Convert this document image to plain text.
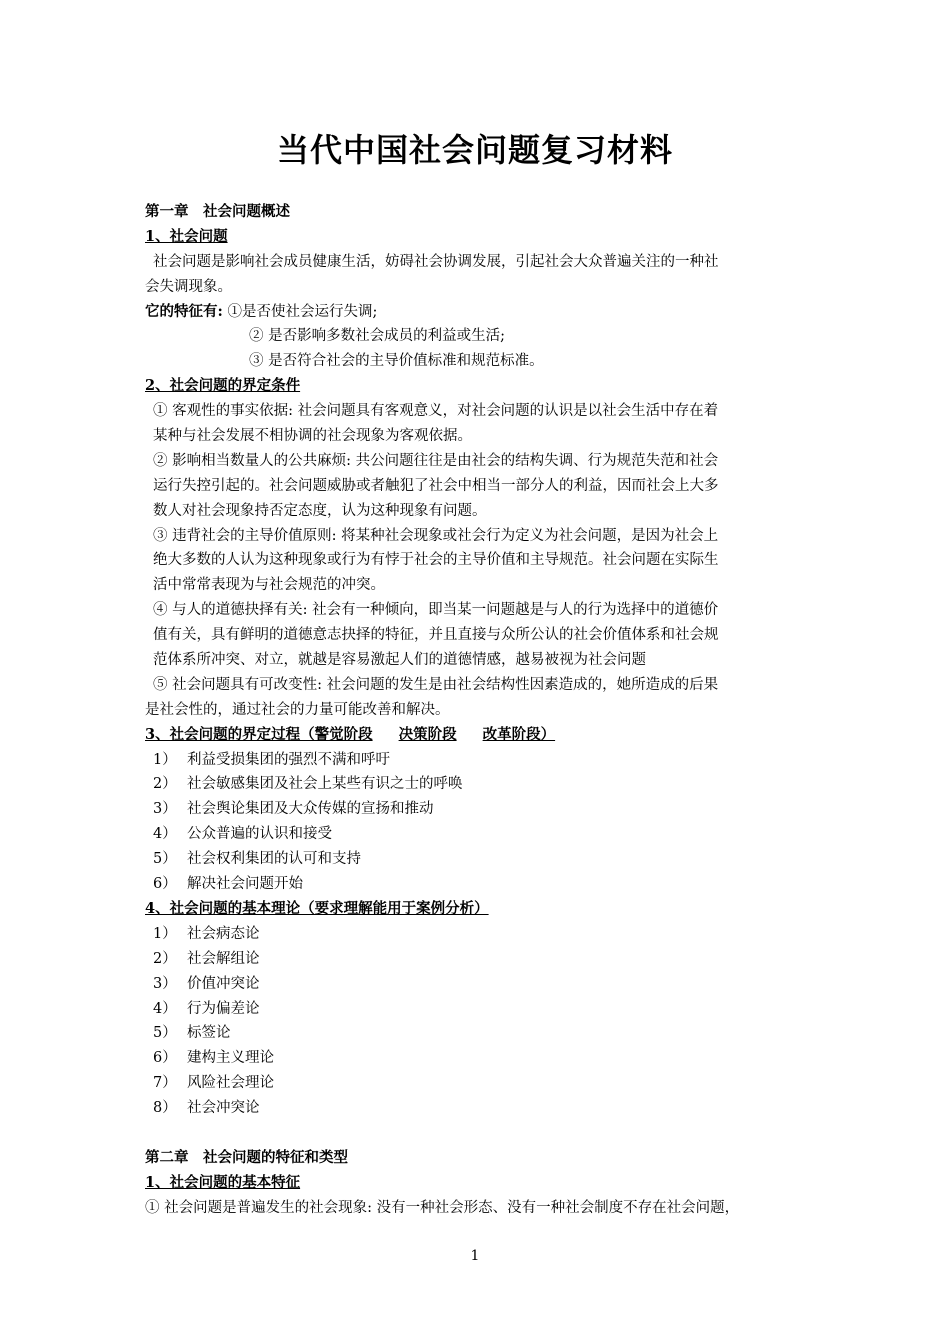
当代中国社会问题复习材料
第一章　社会问题概述
1、社会问题
社会问题是影响社会成员健康生活，妨碍社会协调发展，引起社会大众普遍关注的一种社
会失调现象。
它的特征有: ①是否使社会运行失调;
② 是否影响多数社会成员的利益或生活;
③ 是否符合社会的主导价值标准和规范标准。
2、社会问题的界定条件
① 客观性的事实依据: 社会问题具有客观意义，对社会问题的认识是以社会生活中存在着
某种与社会发展不相协调的社会现象为客观依据。
② 影响相当数量人的公共麻烦: 共公问题往往是由社会的结构失调、行为规范失范和社会
运行失控引起的。社会问题威胁或者触犯了社会中相当一部分人的利益，因而社会上大多
数人对社会现象持否定态度，认为这种现象有问题。
③ 违背社会的主导价值原则: 将某种社会现象或社会行为定义为社会问题，是因为社会上
绝大多数的人认为这种现象或行为有悖于社会的主导价值和主导规范。社会问题在实际生
活中常常表现为与社会规范的冲突。
④ 与人的道德抉择有关: 社会有一种倾向，即当某一问题越是与人的行为选择中的道德价
值有关，具有鲜明的道德意志抉择的特征，并且直接与众所公认的社会价值体系和社会规
范体系所冲突、对立，就越是容易激起人们的道德情感，越易被视为社会问题
⑤ 社会问题具有可改变性: 社会问题的发生是由社会结构性因素造成的，她所造成的后果
是社会性的，通过社会的力量可能改善和解决。
3、社会问题的界定过程（警觉阶段 决策阶段 改革阶段）
1） 利益受损集团的强烈不满和呼吁
2） 社会敏感集团及社会上某些有识之士的呼唤
3） 社会舆论集团及大众传媒的宣扬和推动
4） 公众普遍的认识和接受
5） 社会权利集团的认可和支持
6） 解决社会问题开始
4、社会问题的基本理论（要求理解能用于案例分析）
1） 社会病态论
2） 社会解组论
3） 价值冲突论
4） 行为偏差论
5） 标签论
6） 建构主义理论
7） 风险社会理论
8） 社会冲突论
第二章　社会问题的特征和类型
1、社会问题的基本特征
① 社会问题是普遍发生的社会现象: 没有一种社会形态、没有一种社会制度不存在社会问题，
1
